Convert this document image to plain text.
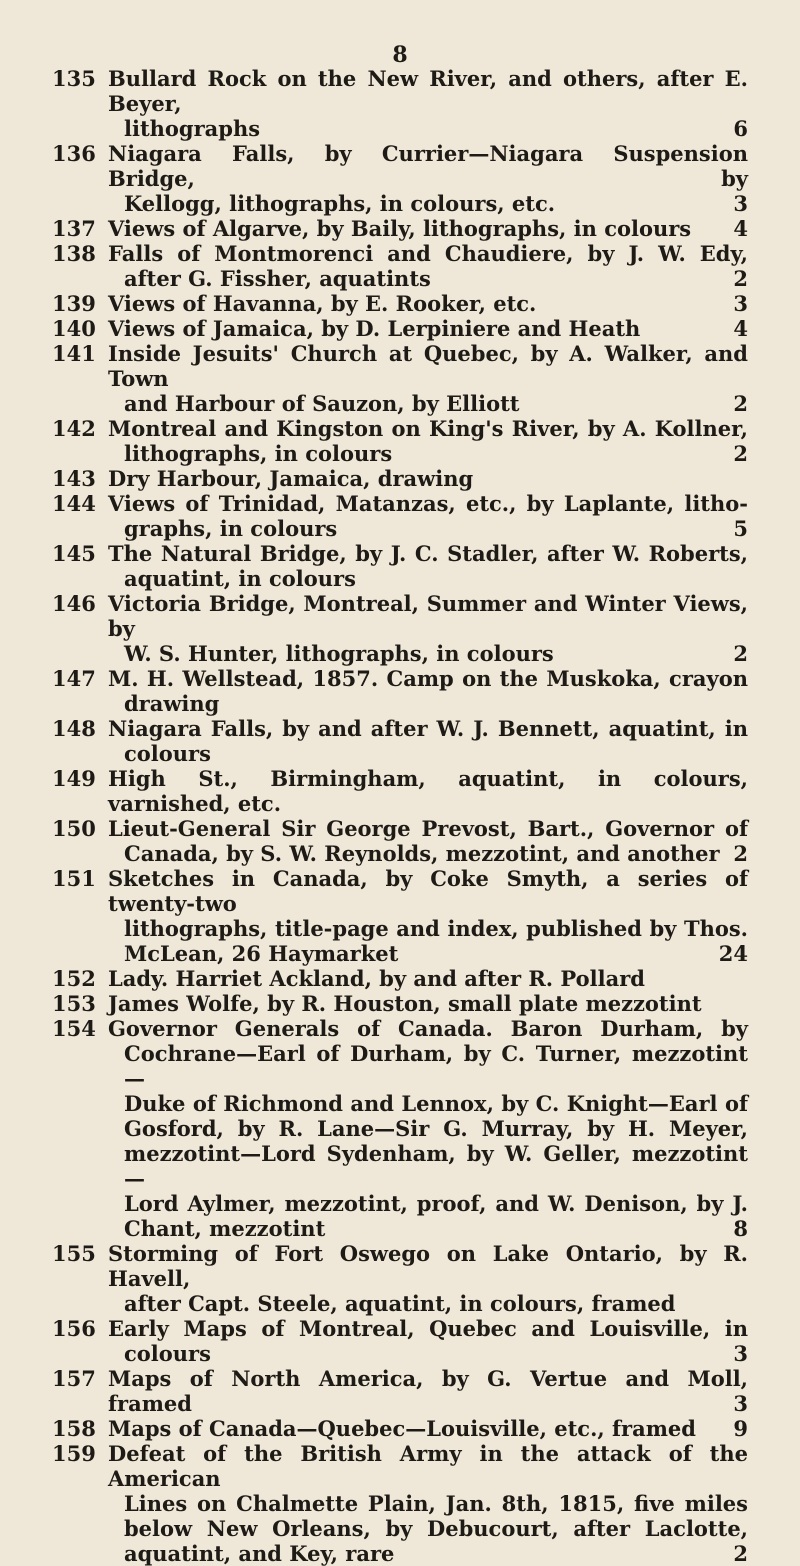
8
135 Bullard Rock on the New River, and others, after E. Beyer,
lithographs	6
136 Niagara Falls, by Currier—Niagara Suspension Bridge, by
Kellogg, lithographs, in colours, etc.	3
137 Views of Algarve, by Baily, lithographs, in colours 4
138 Falls of Montmorenci and Chaudiere, by J. W. Edy,
after G. Fissher, aquatints	2
139 Views of Havanna, by E. Rooker, etc.	3
140 Views of Jamaica, by D. Lerpiniere and Heath	4
141 Inside Jesuits' Church at Quebec, by A. Walker, and Town
and Harbour of Sauzon, by Elliott	2
142 Montreal and Kingston on King's River, by A. Kollner,
lithographs, in colours	2
143 Dry Harbour, Jamaica, drawing
144 Views of Trinidad, Matanzas, etc., by Laplante, litho-
graphs, in colours	5
145 The Natural Bridge, by J. C. Stadler, after W. Roberts,
aquatint, in colours
146 Victoria Bridge, Montreal, Summer and Winter Views, by
W. S. Hunter, lithographs, in colours	2
147 M. H. Wellstead, 1857. Camp on the Muskoka, crayon
drawing
148 Niagara Falls, by and after W. J. Bennett, aquatint, in
colours
149 High St., Birmingham, aquatint, in colours, varnished, etc.
150 Lieut-General Sir George Prevost, Bart., Governor of
Canada, by S. W. Reynolds, mezzotint, and another 2
151 Sketches in Canada, by Coke Smyth, a series of twenty-two
lithographs, title-page and index, published by Thos.
McLean, 26 Haymarket	24
152 Lady. Harriet Ackland, by and after R. Pollard
153 James Wolfe, by R. Houston, small plate mezzotint
154 Governor Generals of Canada. Baron Durham, by
Cochrane—Earl of Durham, by C. Turner, mezzotint—
Duke of Richmond and Lennox, by C. Knight—Earl of
Gosford, by R. Lane—Sir G. Murray, by H. Meyer,
mezzotint—Lord Sydenham, by W. Geller, mezzotint—
Lord Aylmer, mezzotint, proof, and W. Denison, by J.
Chant, mezzotint	8
155 Storming of Fort Oswego on Lake Ontario, by R. Havell,
after Capt. Steele, aquatint, in colours, framed
156 Early Maps of Montreal, Quebec and Louisville, in
colours	3
157 Maps of North America, by G. Vertue and Moll, framed	3
158 Maps of Canada—Quebec—Louisville, etc., framed 9
159 Defeat of the British Army in the attack of the American
Lines on Chalmette Plain, Jan. 8th, 1815, five miles
below New Orleans, by Debucourt, after Laclotte,
aquatint, and Key, rare	2
